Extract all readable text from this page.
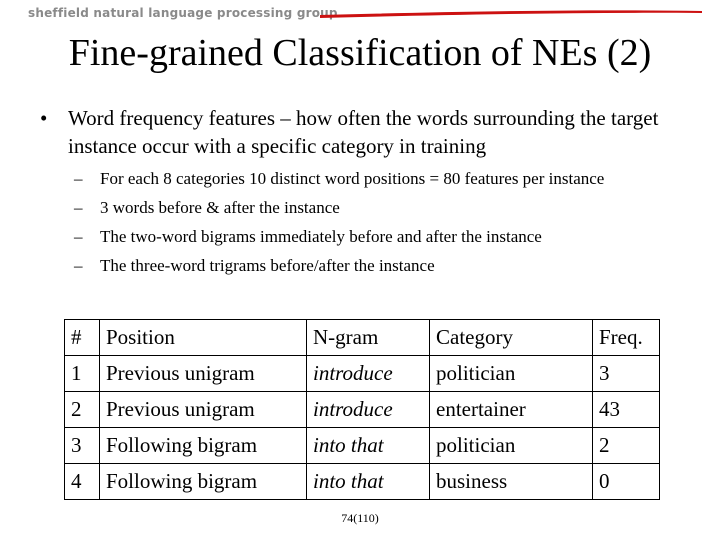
sheffield natural language processing group
Fine-grained Classification of NEs (2)
• Word frequency features – how often the words surrounding the target instance occur with a specific category in training
– For each 8 categories 10 distinct word positions = 80 features per instance
– 3 words before & after the instance
– The two-word bigrams immediately before and after the instance
– The three-word trigrams before/after the instance
#	Position	N-gram	Category	Freq.
1	Previous unigram	introduce	politician	3
2	Previous unigram	introduce	entertainer	43
3	Following bigram	into that	politician	2
4	Following bigram	into that	business	0
74(110)
